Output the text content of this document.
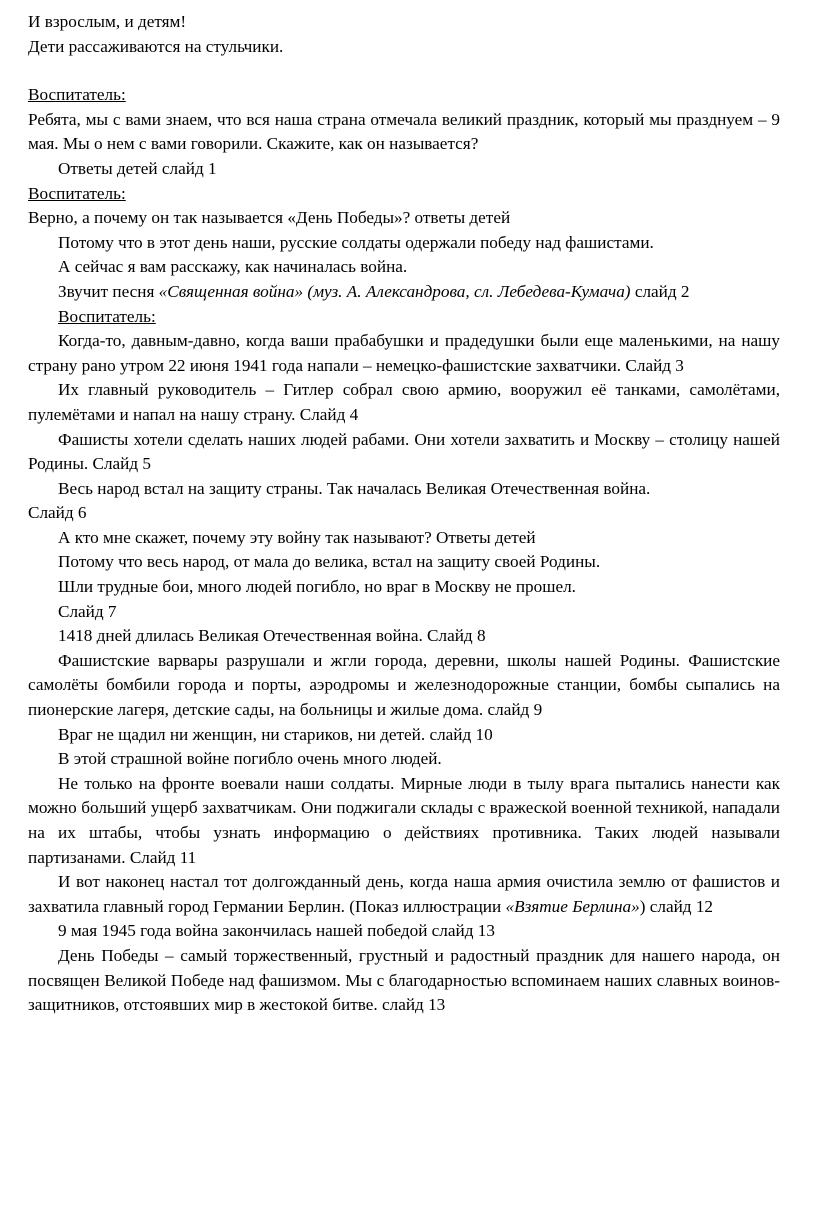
И взрослым, и детям!

Дети рассаживаются на стульчики.

Воспитатель:

Ребята, мы с вами знаем, что вся наша страна отмечала великий праздник, который мы празднуем – 9 мая. Мы о нем с вами говорили. Скажите, как он называется?

Ответы детей слайд 1

Воспитатель:

Верно, а почему он так называется «День Победы»? ответы детей

Потому что в этот день наши, русские солдаты одержали победу над фашистами.

А сейчас я вам расскажу, как начиналась война.

Звучит песня «Священная война» (муз. А. Александрова, сл. Лебедева-Кумача) слайд 2

Воспитатель:

Когда-то, давным-давно, когда ваши прабабушки и прадедушки были еще маленькими, на нашу страну рано утром 22 июня 1941 года напали – немецко-фашистские захватчики. Слайд 3

Их главный руководитель – Гитлер собрал свою армию, вооружил её танками, самолётами, пулемётами и напал на нашу страну. Слайд 4

Фашисты хотели сделать наших людей рабами. Они хотели захватить и Москву – столицу нашей Родины. Слайд 5

Весь народ встал на защиту страны. Так началась Великая Отечественная война.

Слайд 6

А кто мне скажет, почему эту войну так называют? Ответы детей

Потому что весь народ, от мала до велика, встал на защиту своей Родины.

Шли трудные бои, много людей погибло, но враг в Москву не прошел.

Слайд 7

1418 дней длилась Великая Отечественная война. Слайд 8

Фашистские варвары разрушали и жгли города, деревни, школы нашей Родины. Фашистские самолёты бомбили города и порты, аэродромы и железнодорожные станции, бомбы сыпались на пионерские лагеря, детские сады, на больницы и жилые дома. слайд 9

Враг не щадил ни женщин, ни стариков, ни детей. слайд 10

В этой страшной войне погибло очень много людей.

Не только на фронте воевали наши солдаты. Мирные люди в тылу врага пытались нанести как можно больший ущерб захватчикам. Они поджигали склады с вражеской военной техникой, нападали на их штабы, чтобы узнать информацию о действиях противника. Таких людей называли партизанами. Слайд 11

И вот наконец настал тот долгожданный день, когда наша армия очистила землю от фашистов и захватила главный город Германии Берлин. (Показ иллюстрации «Взятие Берлина») слайд 12

9 мая 1945 года война закончилась нашей победой слайд 13

День Победы – самый торжественный, грустный и радостный праздник для нашего народа, он посвящен Великой Победе над фашизмом. Мы с благодарностью вспоминаем наших славных воинов-защитников, отстоявших мир в жестокой битве. слайд 13
